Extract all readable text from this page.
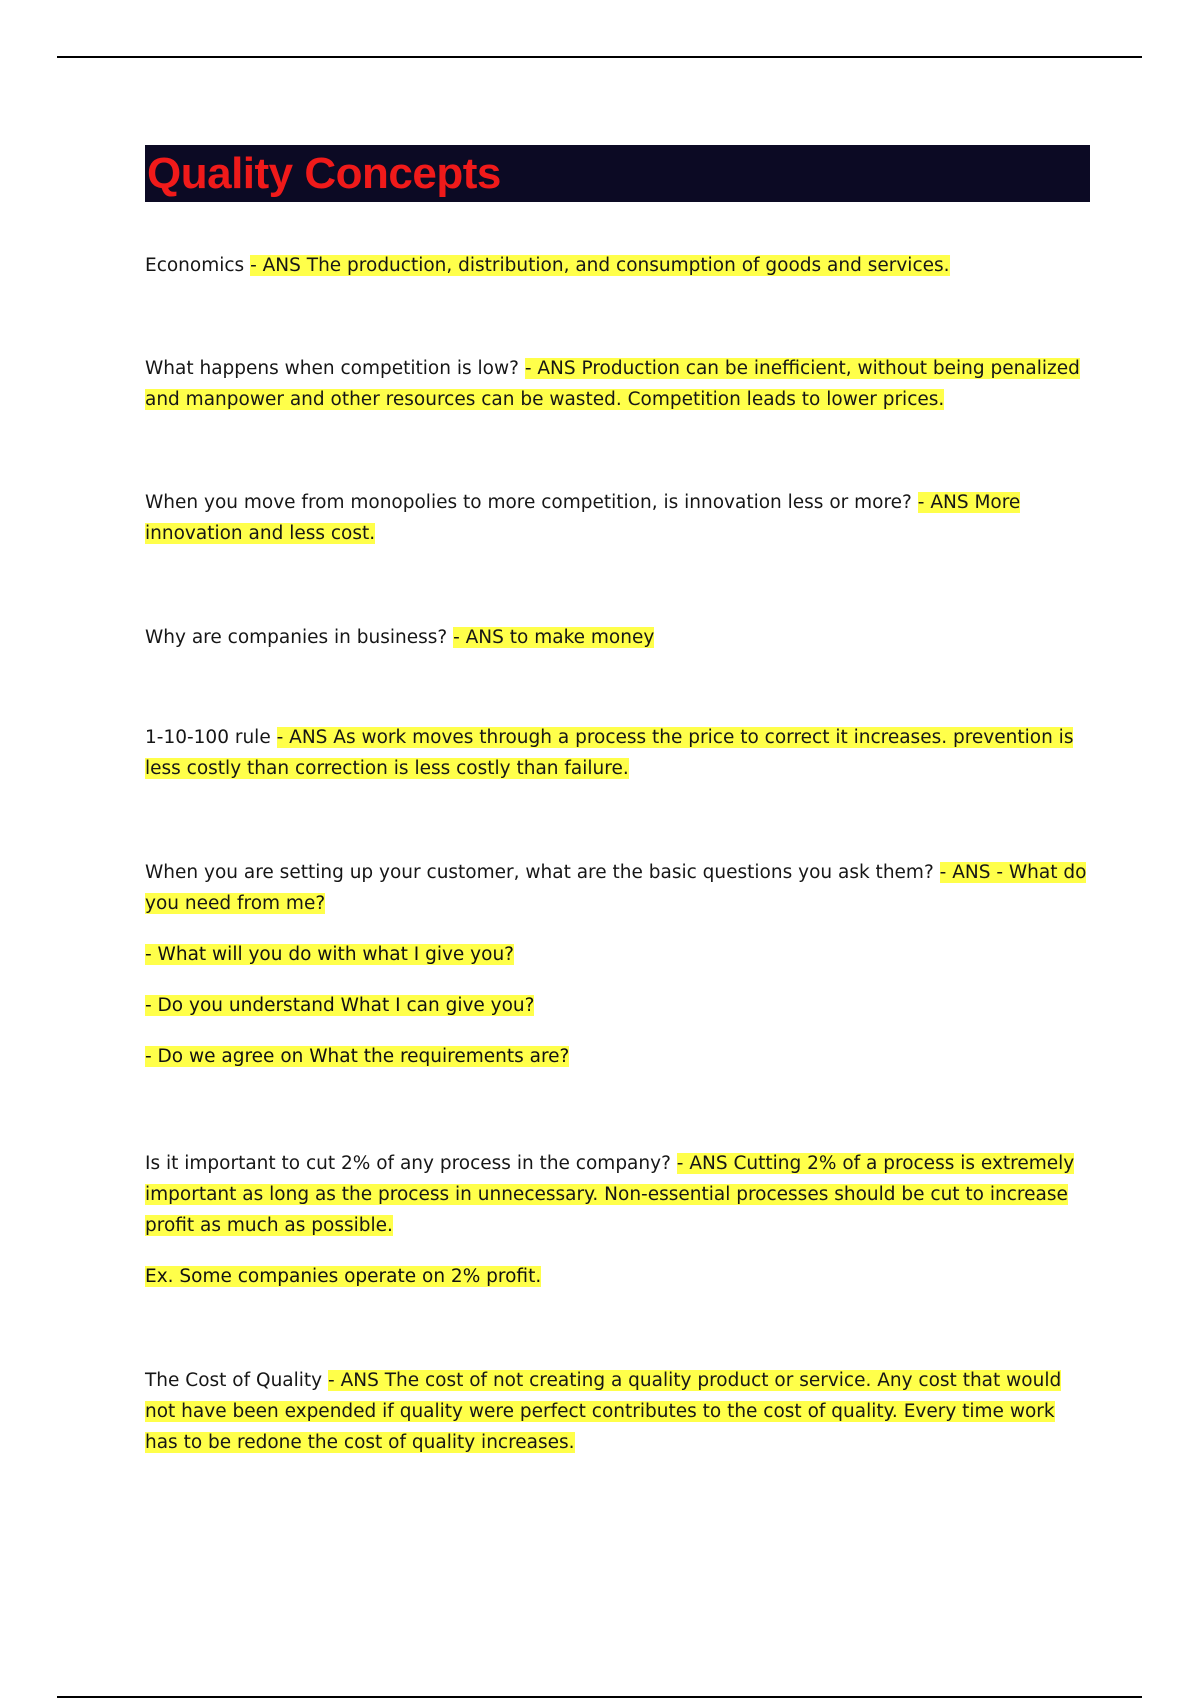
Quality Concepts

Economics - ANS The production, distribution, and consumption of goods and services.

What happens when competition is low? - ANS Production can be inefficient, without being penalized and manpower and other resources can be wasted. Competition leads to lower prices.

When you move from monopolies to more competition, is innovation less or more? - ANS More innovation and less cost.

Why are companies in business? - ANS to make money

1-10-100 rule - ANS As work moves through a process the price to correct it increases. prevention is less costly than correction is less costly than failure.

When you are setting up your customer, what are the basic questions you ask them? - ANS - What do you need from me?

- What will you do with what I give you?

- Do you understand What I can give you?

- Do we agree on What the requirements are?

Is it important to cut 2% of any process in the company? - ANS Cutting 2% of a process is extremely important as long as the process in unnecessary. Non-essential processes should be cut to increase profit as much as possible.

Ex. Some companies operate on 2% profit.

The Cost of Quality - ANS The cost of not creating a quality product or service. Any cost that would not have been expended if quality were perfect contributes to the cost of quality. Every time work has to be redone the cost of quality increases.
